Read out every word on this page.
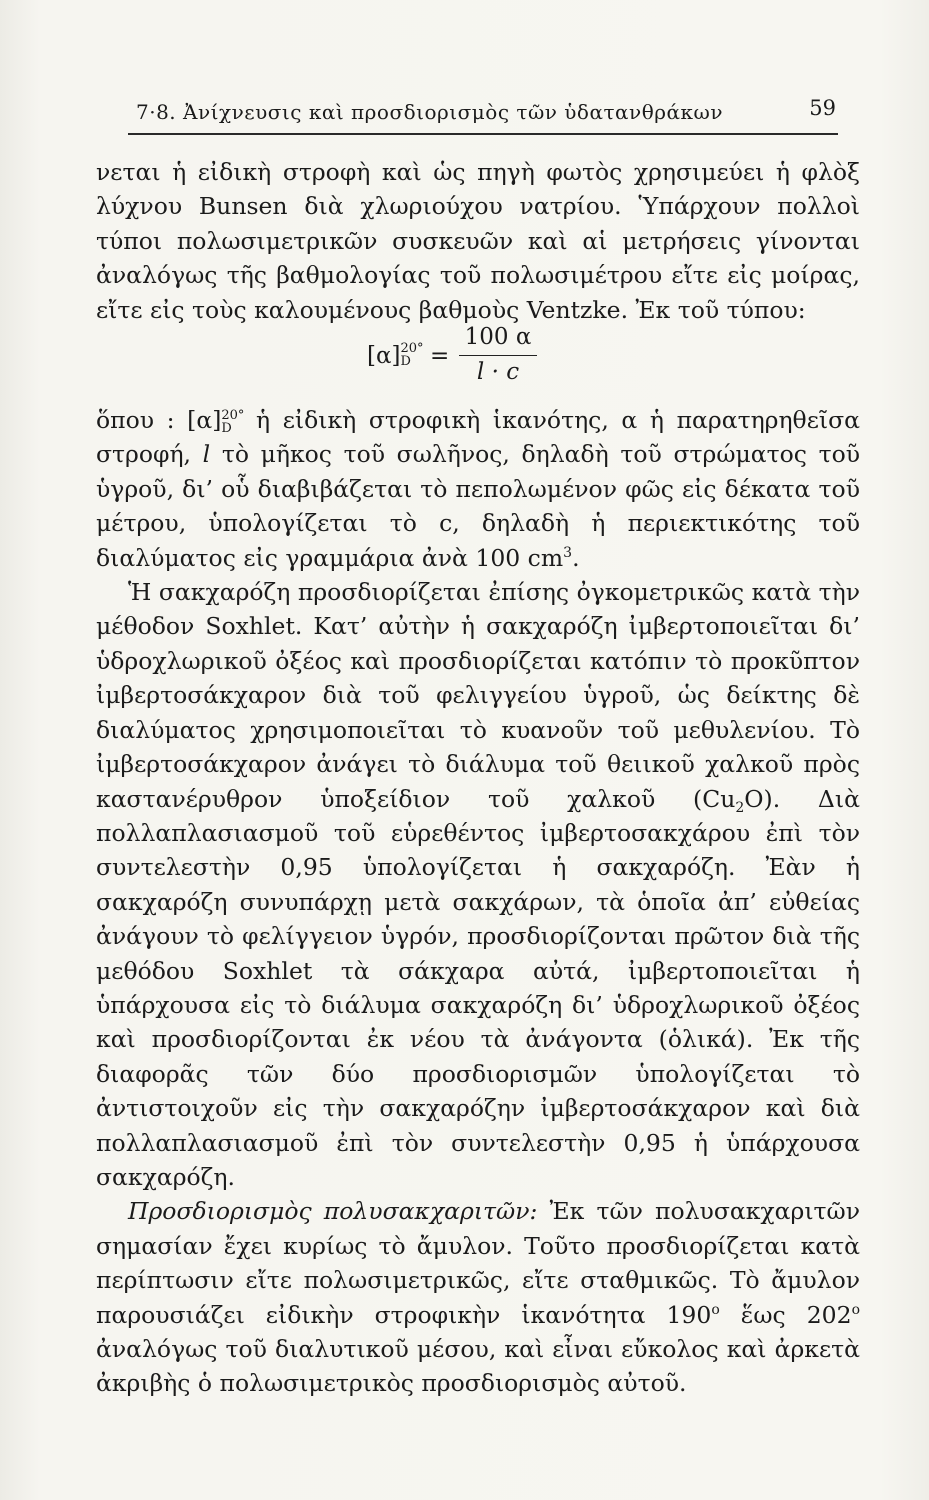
7·8. Ἀνίχνευσις καὶ προσδιορισμὸς τῶν ὑδατανθράκων	59

νεται ἡ εἰδικὴ στροφὴ καὶ ὡς πηγὴ φωτὸς χρησιμεύει ἡ φλὸξ λύχνου Bunsen διὰ χλωριούχου νατρίου. Ὑπάρχουν πολλοὶ τύποι πολωσιμετρικῶν συσκευῶν καὶ αἱ μετρήσεις γίνονται ἀναλόγως τῆς βαθμολογίας τοῦ πολωσιμέτρου εἴτε εἰς μοίρας, εἴτε εἰς τοὺς καλουμένους βαθμοὺς Ventzke. Ἐκ τοῦ τύπου:

[α]20°
$D = \frac{100 \alpha}{l \cdot c}$

ὅπου : [α]20°
D ἡ εἰδικὴ στροφικὴ ἱκανότης, α ἡ παρατηρηθεῖσα στροφή, l τὸ μῆκος τοῦ σωλῆνος, δηλαδὴ τοῦ στρώματος τοῦ ὑγροῦ, δι’ οὗ διαβιβάζεται τὸ πεπολωμένον φῶς εἰς δέκατα τοῦ μέτρου, ὑπολογίζεται τὸ c, δηλαδὴ ἡ περιεκτικότης τοῦ διαλύματος εἰς γραμμάρια ἀνὰ 100 $cm^3$.

Ἡ σακχαρόζη προσδιορίζεται ἐπίσης ὀγκομετρικῶς κατὰ τὴν μέθοδον Soxhlet. Κατ’ αὐτὴν ἡ σακχαρόζη ἰμβερτοποιεῖται δι’ ὑδροχλωρικοῦ ὀξέος καὶ προσδιορίζεται κατόπιν τὸ προκῦπτον ἰμβερτοσάκχαρον διὰ τοῦ φελιγγείου ὑγροῦ, ὡς δείκτης δὲ διαλύματος χρησιμοποιεῖται τὸ κυανοῦν τοῦ μεθυλενίου. Τὸ ἰμβερτοσάκχαρον ἀνάγει τὸ διάλυμα τοῦ θειικοῦ χαλκοῦ πρὸς καστανέρυθρον ὑποξείδιον τοῦ χαλκοῦ $(Cu_2O)$. Διὰ πολλαπλασιασμοῦ τοῦ εὑρεθέντος ἰμβερτοσακχάρου ἐπὶ τὸν συντελεστὴν 0,95 ὑπολογίζεται ἡ σακχαρόζη. Ἐὰν ἡ σακχαρόζη συνυπάρχῃ μετὰ σακχάρων, τὰ ὁποῖα ἀπ’ εὐθείας ἀνάγουν τὸ φελίγγειον ὑγρόν, προσδιορίζονται πρῶτον διὰ τῆς μεθόδου Soxhlet τὰ σάκχαρα αὐτά, ἰμβερτοποιεῖται ἡ ὑπάρχουσα εἰς τὸ διάλυμα σακχαρόζη δι’ ὑδροχλωρικοῦ ὀξέος καὶ προσδιορίζονται ἐκ νέου τὰ ἀνάγοντα (ὁλικά). Ἐκ τῆς διαφορᾶς τῶν δύο προσδιορισμῶν ὑπολογίζεται τὸ ἀντιστοιχοῦν εἰς τὴν σακχαρόζην ἰμβερτοσάκχαρον καὶ διὰ πολλαπλασιασμοῦ ἐπὶ τὸν συντελεστὴν 0,95 ἡ ὑπάρχουσα σακχαρόζη.

Προσδιορισμὸς πολυσακχαριτῶν: Ἐκ τῶν πολυσακχαριτῶν σημασίαν ἔχει κυρίως τὸ ἄμυλον. Τοῦτο προσδιορίζεται κατὰ περίπτωσιν εἴτε πολωσιμετρικῶς, εἴτε σταθμικῶς. Τὸ ἄμυλον παρουσιάζει εἰδικὴν στροφικὴν ἱκανότητα 190$^o$ ἕως 202$^o$ ἀναλόγως τοῦ διαλυτικοῦ μέσου, καὶ εἶναι εὔκολος καὶ ἀρκετὰ ἀκριβὴς ὁ πολωσιμετρικὸς προσδιορισμὸς αὐτοῦ.
